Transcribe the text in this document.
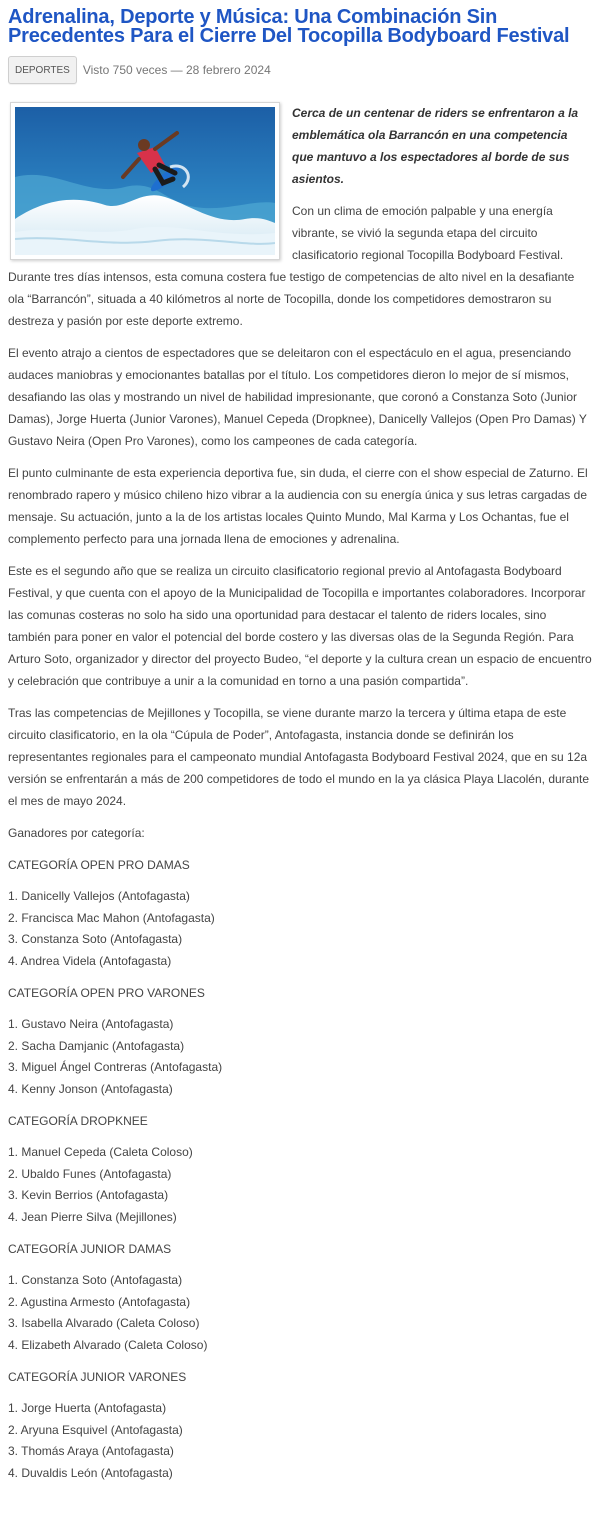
Adrenalina, Deporte y Música: Una Combinación Sin Precedentes Para el Cierre Del Tocopilla Bodyboard Festival
DEPORTES	Visto 750 veces — 28 febrero 2024

Cerca de un centenar de riders se enfrentaron a la emblemática ola Barrancón en una competencia que mantuvo a los espectadores al borde de sus asientos.

Con un clima de emoción palpable y una energía vibrante, se vivió la segunda etapa del circuito clasificatorio regional Tocopilla Bodyboard Festival. Durante tres días intensos, esta comuna costera fue testigo de competencias de alto nivel en la desafiante ola “Barrancón”, situada a 40 kilómetros al norte de Tocopilla, donde los competidores demostraron su destreza y pasión por este deporte extremo.

El evento atrajo a cientos de espectadores que se deleitaron con el espectáculo en el agua, presenciando audaces maniobras y emocionantes batallas por el título. Los competidores dieron lo mejor de sí mismos, desafiando las olas y mostrando un nivel de habilidad impresionante, que coronó a Constanza Soto (Junior Damas), Jorge Huerta (Junior Varones), Manuel Cepeda (Dropknee), Danicelly Vallejos (Open Pro Damas) Y Gustavo Neira (Open Pro Varones), como los campeones de cada categoría.

El punto culminante de esta experiencia deportiva fue, sin duda, el cierre con el show especial de Zaturno. El renombrado rapero y músico chileno hizo vibrar a la audiencia con su energía única y sus letras cargadas de mensaje. Su actuación, junto a la de los artistas locales Quinto Mundo, Mal Karma y Los Ochantas, fue el complemento perfecto para una jornada llena de emociones y adrenalina.

Este es el segundo año que se realiza un circuito clasificatorio regional previo al Antofagasta Bodyboard Festival, y que cuenta con el apoyo de la Municipalidad de Tocopilla e importantes colaboradores. Incorporar las comunas costeras no solo ha sido una oportunidad para destacar el talento de riders locales, sino también para poner en valor el potencial del borde costero y las diversas olas de la Segunda Región. Para Arturo Soto, organizador y director del proyecto Budeo, “el deporte y la cultura crean un espacio de encuentro y celebración que contribuye a unir a la comunidad en torno a una pasión compartida”.

Tras las competencias de Mejillones y Tocopilla, se viene durante marzo la tercera y última etapa de este circuito clasificatorio, en la ola “Cúpula de Poder”, Antofagasta, instancia donde se definirán los representantes regionales para el campeonato mundial Antofagasta Bodyboard Festival 2024, que en su 12a versión se enfrentarán a más de 200 competidores de todo el mundo en la ya clásica Playa Llacolén, durante el mes de mayo 2024.

Ganadores por categoría:

CATEGORÍA OPEN PRO DAMAS

1. Danicelly Vallejos (Antofagasta)
2. Francisca Mac Mahon (Antofagasta)
3. Constanza Soto (Antofagasta)
4. Andrea Videla (Antofagasta)

CATEGORÍA OPEN PRO VARONES

1. Gustavo Neira (Antofagasta)
2. Sacha Damjanic (Antofagasta)
3. Miguel Ángel Contreras (Antofagasta)
4. Kenny Jonson (Antofagasta)

CATEGORÍA DROPKNEE

1. Manuel Cepeda (Caleta Coloso)
2. Ubaldo Funes (Antofagasta)
3. Kevin Berrios (Antofagasta)
4. Jean Pierre Silva (Mejillones)

CATEGORÍA JUNIOR DAMAS

1. Constanza Soto (Antofagasta)
2. Agustina Armesto (Antofagasta)
3. Isabella Alvarado (Caleta Coloso)
4. Elizabeth Alvarado (Caleta Coloso)

CATEGORÍA JUNIOR VARONES

1. Jorge Huerta (Antofagasta)
2. Aryuna Esquivel (Antofagasta)
3. Thomás Araya (Antofagasta)
4. Duvaldis León (Antofagasta)
